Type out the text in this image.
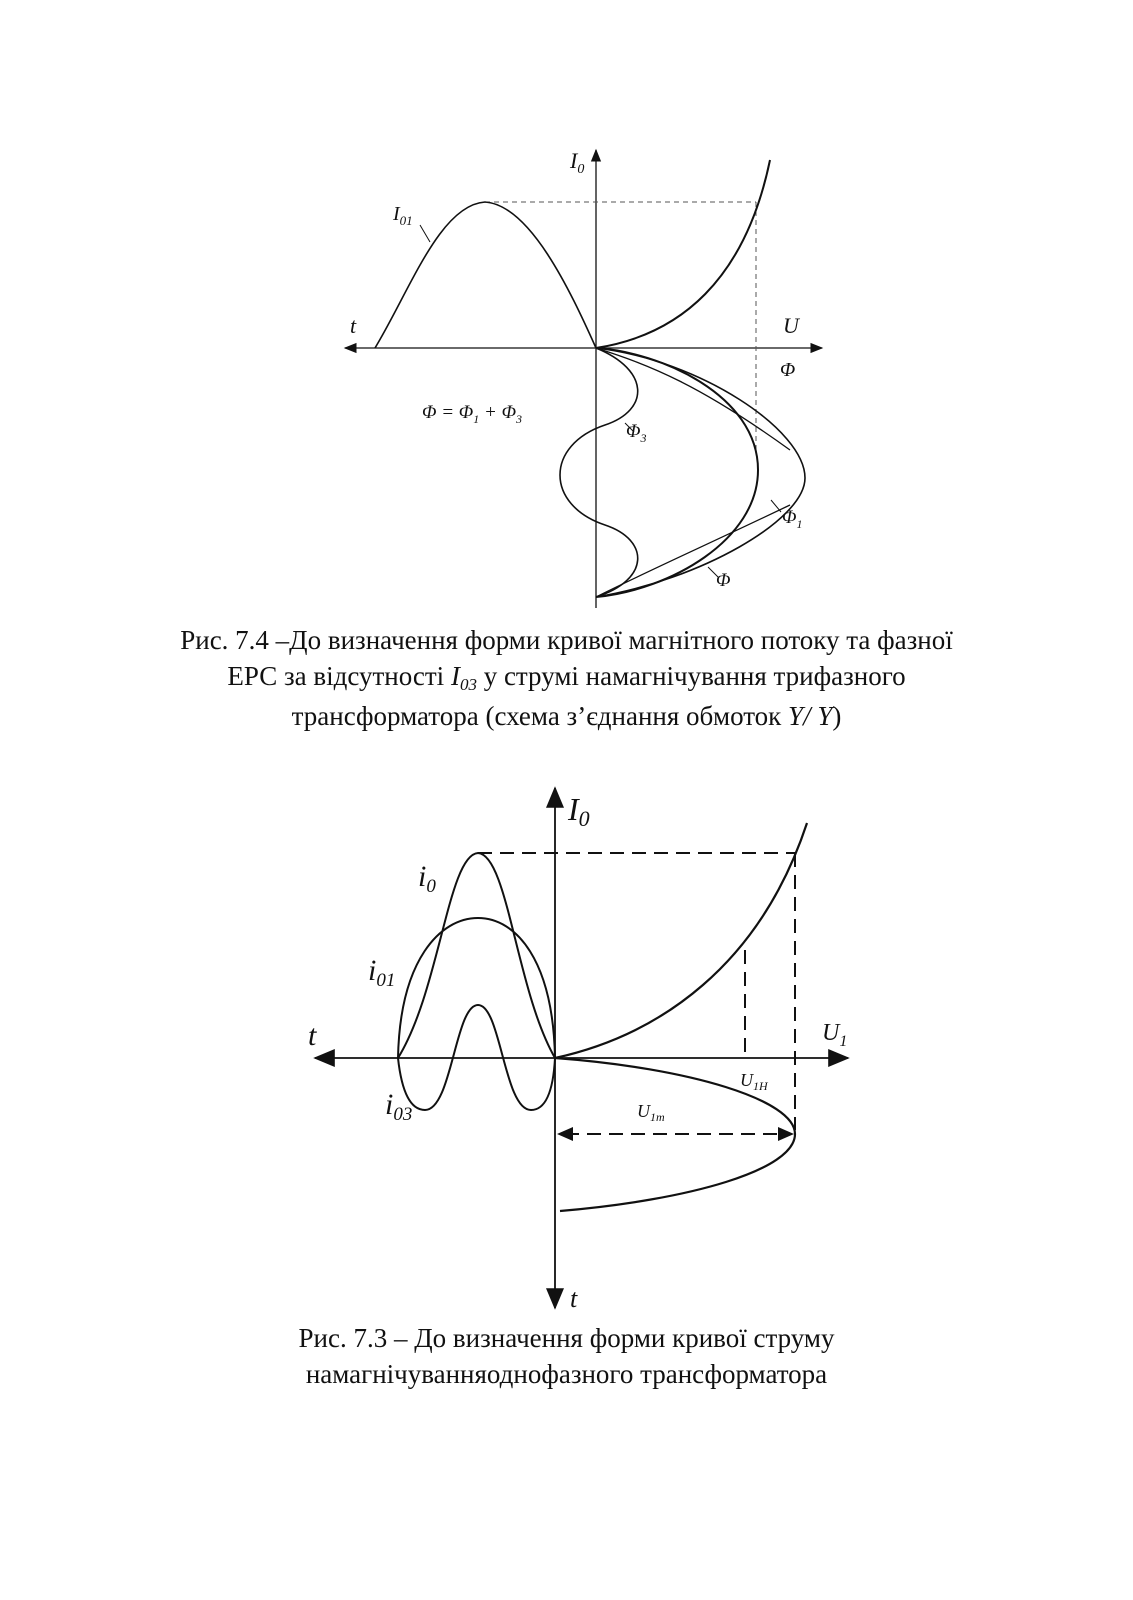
$I_0$
t	U
Φ
$I_{01}$
$\Phi = \Phi_1 + \Phi_3$
$\Phi_3$
$\Phi_1$
Φ
I0
t
t
$U_1$
$i_0$
$i_{01}$
$i_{03}$
$U_{1H}$
$U_{1m}$
Рис. 7.4 –До визначення форми кривої магнітного потоку та фазної
ЕРС за відсутності I03 у струмі намагнічування трифазного
трансформатора (схема з’єднання обмоток Y/ Y)
Рис. 7.3 – До визначення форми кривої струму
намагнічуванняоднофазного трансформатора
